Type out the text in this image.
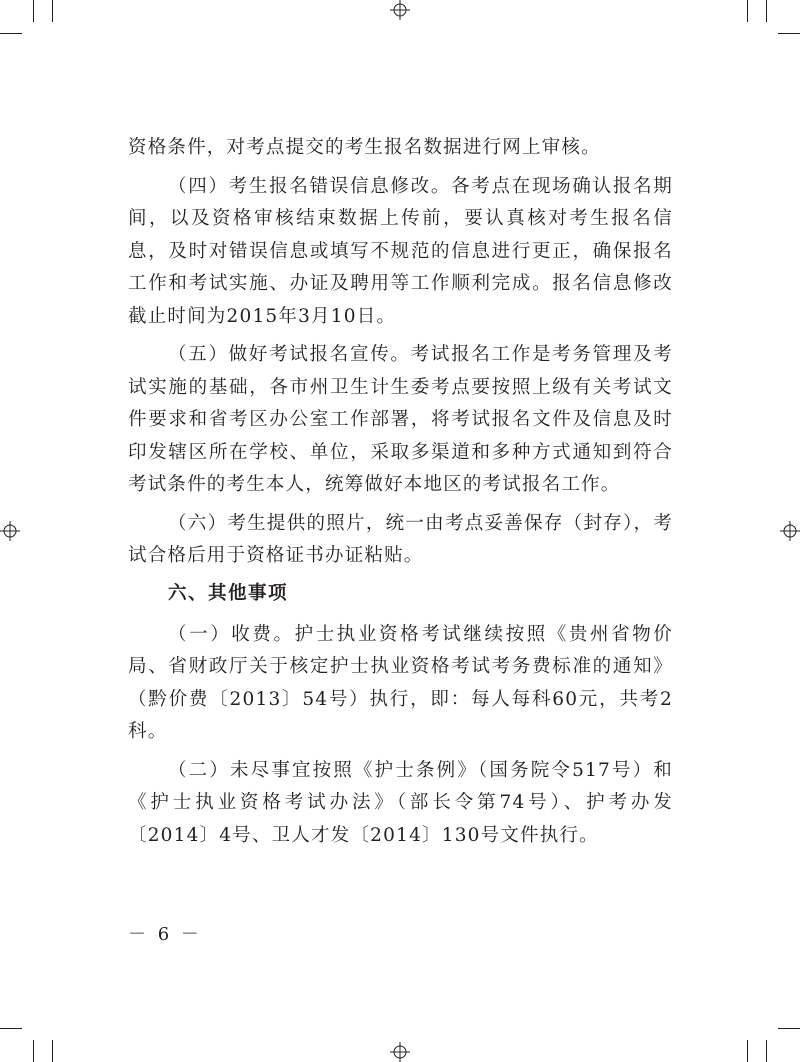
资格条件，对考点提交的考生报名数据进行网上审核。

（四）考生报名错误信息修改。各考点在现场确认报名期间，以及资格审核结束数据上传前，要认真核对考生报名信息，及时对错误信息或填写不规范的信息进行更正，确保报名工作和考试实施、办证及聘用等工作顺利完成。报名信息修改截止时间为2015年3月10日。

（五）做好考试报名宣传。考试报名工作是考务管理及考试实施的基础，各市州卫生计生委考点要按照上级有关考试文件要求和省考区办公室工作部署，将考试报名文件及信息及时印发辖区所在学校、单位，采取多渠道和多种方式通知到符合考试条件的考生本人，统筹做好本地区的考试报名工作。

（六）考生提供的照片，统一由考点妥善保存（封存），考试合格后用于资格证书办证粘贴。

六、其他事项

（一）收费。护士执业资格考试继续按照《贵州省物价局、省财政厅关于核定护士执业资格考试考务费标准的通知》（黔价费〔2013〕54号）执行，即：每人每科60元，共考2科。

（二）未尽事宜按照《护士条例》（国务院令517号）和《护士执业资格考试办法》（部长令第74号）、护考办发〔2014〕4号、卫人才发〔2014〕130号文件执行。

－ 6 －
